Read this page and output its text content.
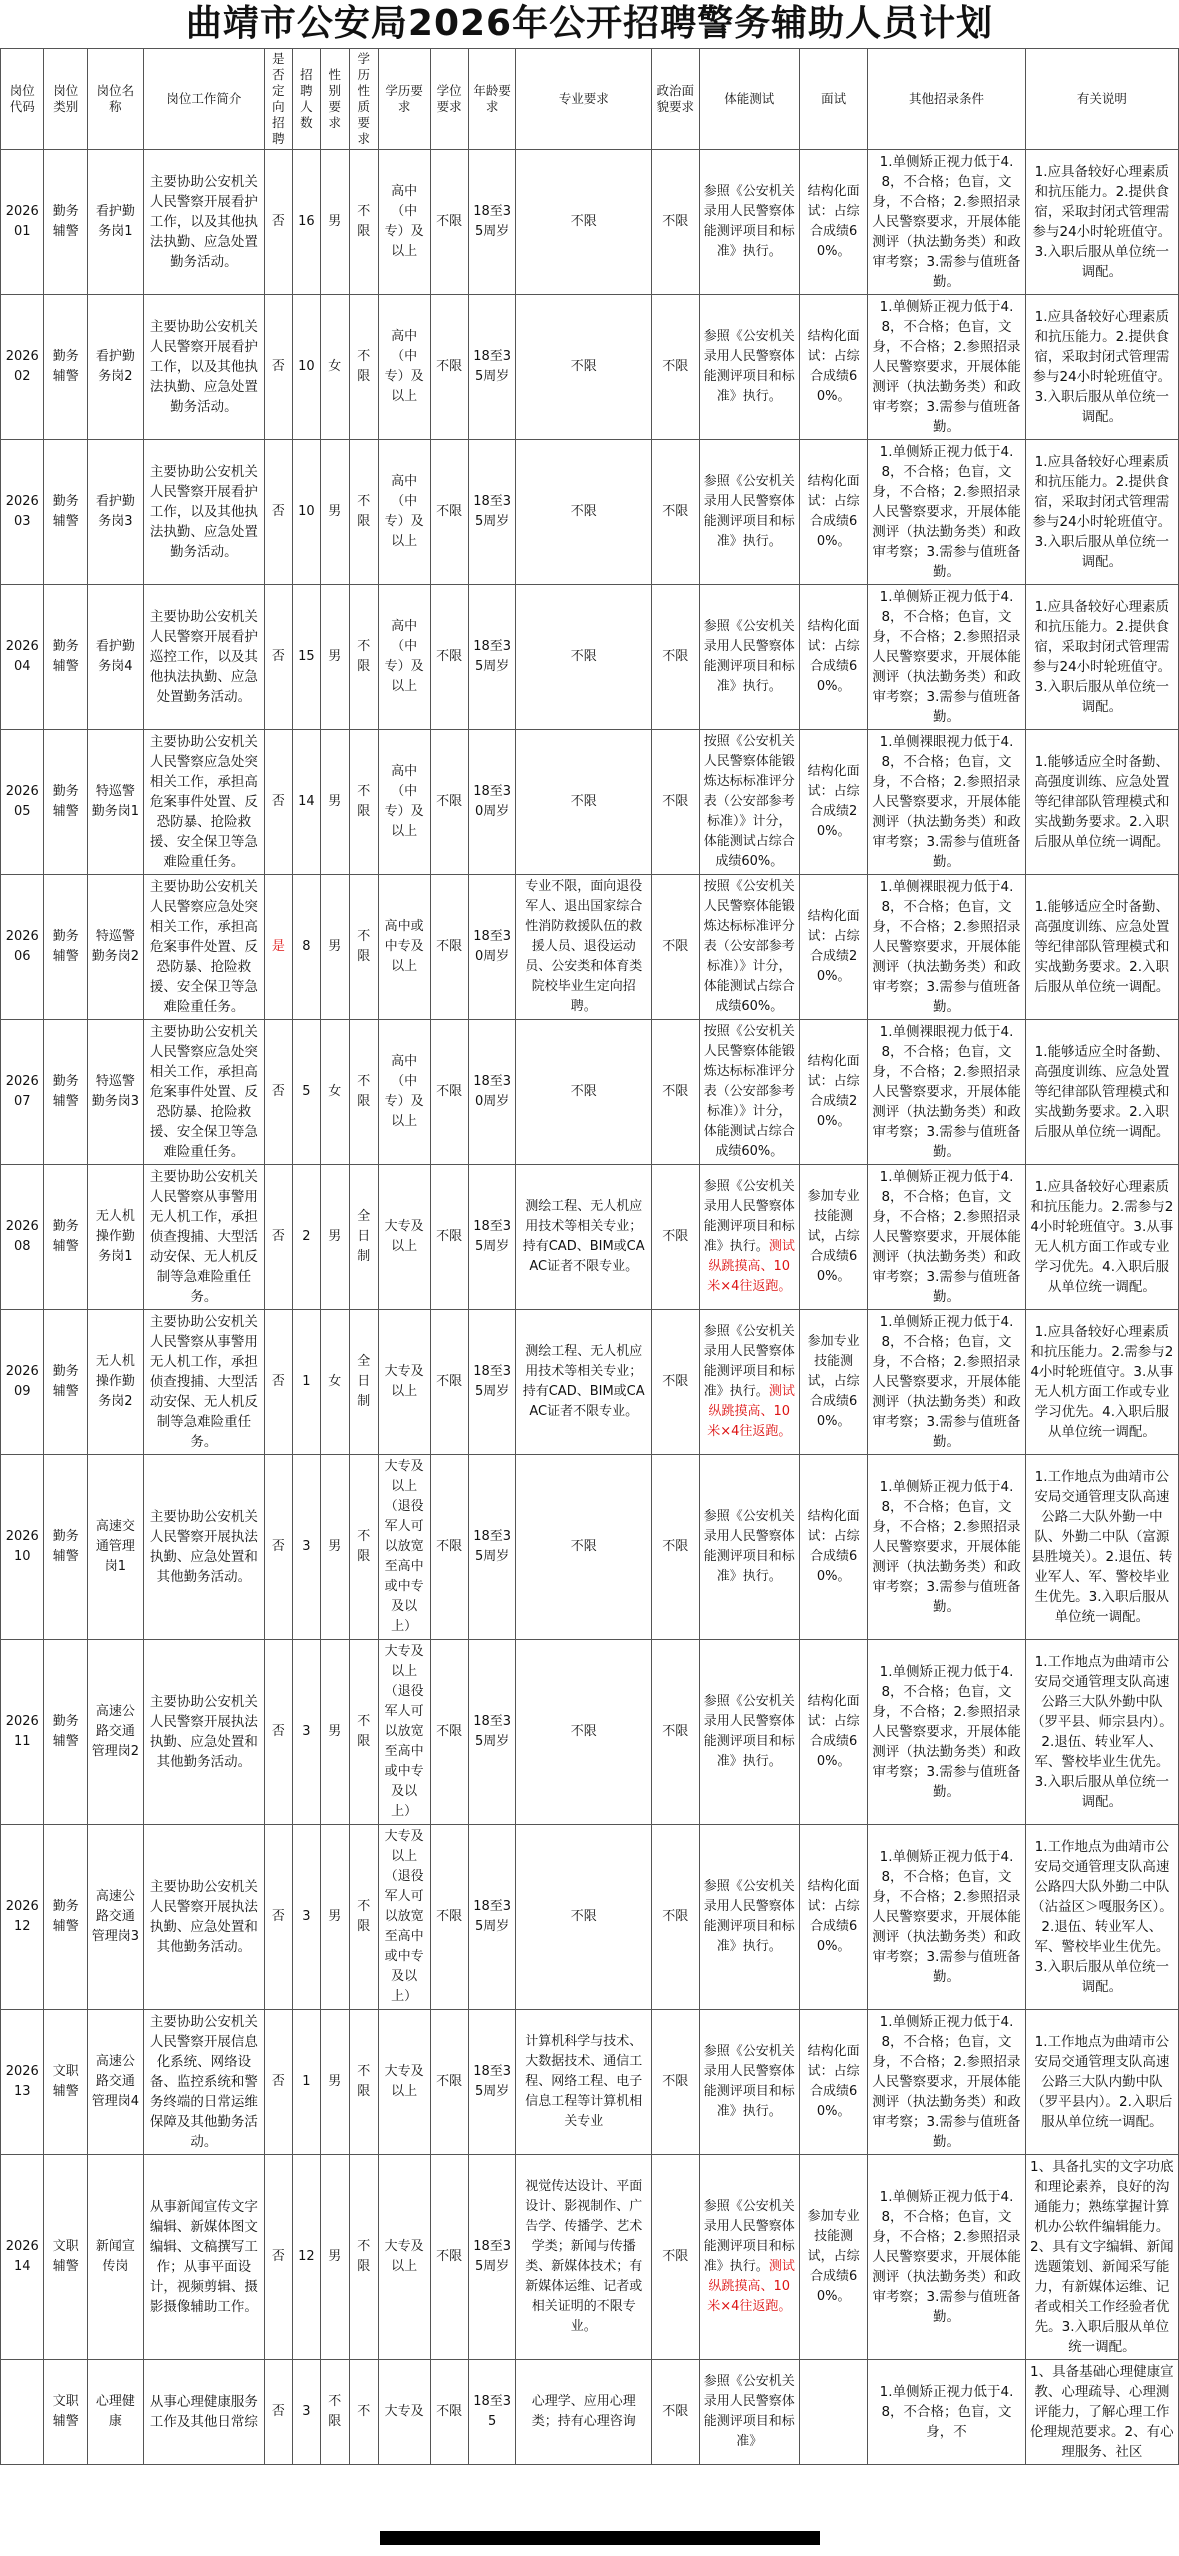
曲靖市公安局2026年公开招聘警务辅助人员计划
岗位代码	岗位类别	岗位名称	岗位工作简介	是否定向招聘	招聘人数	性别要求	学历性质要求	学历要求	学位要求	年龄要求	专业要求	政治面貌要求	体能测试	面试	其他招录条件	有关说明
202601	勤务辅警	看护勤务岗1	主要协助公安机关人民警察开展看护工作，以及其他执法执勤、应急处置勤务活动。	否	16	男	不限	高中（中专）及以上	不限	18至35周岁	不限	不限	参照《公安机关录用人民警察体能测评项目和标准》执行。	结构化面试：占综合成绩60%。	1.单侧矫正视力低于4.8，不合格；色盲，文身，不合格；2.参照招录人民警察要求，开展体能测评（执法勤务类）和政审考察；3.需参与值班备勤。	1.应具备较好心理素质和抗压能力。2.提供食宿，采取封闭式管理需参与24小时轮班值守。3.入职后服从单位统一调配。
202602	勤务辅警	看护勤务岗2	主要协助公安机关人民警察开展看护工作，以及其他执法执勤、应急处置勤务活动。	否	10	女	不限	高中（中专）及以上	不限	18至35周岁	不限	不限	参照《公安机关录用人民警察体能测评项目和标准》执行。	结构化面试：占综合成绩60%。	1.单侧矫正视力低于4.8，不合格；色盲，文身，不合格；2.参照招录人民警察要求，开展体能测评（执法勤务类）和政审考察；3.需参与值班备勤。	1.应具备较好心理素质和抗压能力。2.提供食宿，采取封闭式管理需参与24小时轮班值守。3.入职后服从单位统一调配。
202603	勤务辅警	看护勤务岗3	主要协助公安机关人民警察开展看护工作，以及其他执法执勤、应急处置勤务活动。	否	10	男	不限	高中（中专）及以上	不限	18至35周岁	不限	不限	参照《公安机关录用人民警察体能测评项目和标准》执行。	结构化面试：占综合成绩60%。	1.单侧矫正视力低于4.8，不合格；色盲，文身，不合格；2.参照招录人民警察要求，开展体能测评（执法勤务类）和政审考察；3.需参与值班备勤。	1.应具备较好心理素质和抗压能力。2.提供食宿，采取封闭式管理需参与24小时轮班值守。3.入职后服从单位统一调配。
202604	勤务辅警	看护勤务岗4	主要协助公安机关人民警察开展看护巡控工作，以及其他执法执勤、应急处置勤务活动。	否	15	男	不限	高中（中专）及以上	不限	18至35周岁	不限	不限	参照《公安机关录用人民警察体能测评项目和标准》执行。	结构化面试：占综合成绩60%。	1.单侧矫正视力低于4.8，不合格；色盲，文身，不合格；2.参照招录人民警察要求，开展体能测评（执法勤务类）和政审考察；3.需参与值班备勤。	1.应具备较好心理素质和抗压能力。2.提供食宿，采取封闭式管理需参与24小时轮班值守。3.入职后服从单位统一调配。
202605	勤务辅警	特巡警勤务岗1	主要协助公安机关人民警察应急处突相关工作，承担高危案事件处置、反恐防暴、抢险救援、安全保卫等急难险重任务。	否	14	男	不限	高中（中专）及以上	不限	18至30周岁	不限	不限	按照《公安机关人民警察体能锻炼达标标准评分表（公安部参考标准）》计分，体能测试占综合成绩60%。	结构化面试：占综合成绩20%。	1.单侧裸眼视力低于4.8，不合格；色盲，文身，不合格；2.参照招录人民警察要求，开展体能测评（执法勤务类）和政审考察；3.需参与值班备勤。	1.能够适应全时备勤、高强度训练、应急处置等纪律部队管理模式和实战勤务要求。2.入职后服从单位统一调配。
202606	勤务辅警	特巡警勤务岗2	主要协助公安机关人民警察应急处突相关工作，承担高危案事件处置、反恐防暴、抢险救援、安全保卫等急难险重任务。	是	8	男	不限	高中或中专及以上	不限	18至30周岁	专业不限，面向退役军人、退出国家综合性消防救援队伍的救援人员、退役运动员、公安类和体育类院校毕业生定向招聘。	不限	按照《公安机关人民警察体能锻炼达标标准评分表（公安部参考标准）》计分，体能测试占综合成绩60%。	结构化面试：占综合成绩20%。	1.单侧裸眼视力低于4.8，不合格；色盲，文身，不合格；2.参照招录人民警察要求，开展体能测评（执法勤务类）和政审考察；3.需参与值班备勤。	1.能够适应全时备勤、高强度训练、应急处置等纪律部队管理模式和实战勤务要求。2.入职后服从单位统一调配。
202607	勤务辅警	特巡警勤务岗3	主要协助公安机关人民警察应急处突相关工作，承担高危案事件处置、反恐防暴、抢险救援、安全保卫等急难险重任务。	否	5	女	不限	高中（中专）及以上	不限	18至30周岁	不限	不限	按照《公安机关人民警察体能锻炼达标标准评分表（公安部参考标准）》计分，体能测试占综合成绩60%。	结构化面试：占综合成绩20%。	1.单侧裸眼视力低于4.8，不合格；色盲，文身，不合格；2.参照招录人民警察要求，开展体能测评（执法勤务类）和政审考察；3.需参与值班备勤。	1.能够适应全时备勤、高强度训练、应急处置等纪律部队管理模式和实战勤务要求。2.入职后服从单位统一调配。
202608	勤务辅警	无人机操作勤务岗1	主要协助公安机关人民警察从事警用无人机工作，承担侦查搜捕、大型活动安保、无人机反制等急难险重任务。	否	2	男	全日制	大专及以上	不限	18至35周岁	测绘工程、无人机应用技术等相关专业；持有CAD、BIM或CAAC证者不限专业。	不限	参照《公安机关录用人民警察体能测评项目和标准》执行。测试纵跳摸高、10米×4往返跑。	参加专业技能测试，占综合成绩60%。	1.单侧矫正视力低于4.8，不合格；色盲，文身，不合格；2.参照招录人民警察要求，开展体能测评（执法勤务类）和政审考察；3.需参与值班备勤。	1.应具备较好心理素质和抗压能力。2.需参与24小时轮班值守。3.从事无人机方面工作或专业学习优先。4.入职后服从单位统一调配。
202609	勤务辅警	无人机操作勤务岗2	主要协助公安机关人民警察从事警用无人机工作，承担侦查搜捕、大型活动安保、无人机反制等急难险重任务。	否	1	女	全日制	大专及以上	不限	18至35周岁	测绘工程、无人机应用技术等相关专业；持有CAD、BIM或CAAC证者不限专业。	不限	参照《公安机关录用人民警察体能测评项目和标准》执行。测试纵跳摸高、10米×4往返跑。	参加专业技能测试，占综合成绩60%。	1.单侧矫正视力低于4.8，不合格；色盲，文身，不合格；2.参照招录人民警察要求，开展体能测评（执法勤务类）和政审考察；3.需参与值班备勤。	1.应具备较好心理素质和抗压能力。2.需参与24小时轮班值守。3.从事无人机方面工作或专业学习优先。4.入职后服从单位统一调配。
202610	勤务辅警	高速交通管理岗1	主要协助公安机关人民警察开展执法执勤、应急处置和其他勤务活动。	否	3	男	不限	大专及以上（退役军人可以放宽至高中或中专及以上）	不限	18至35周岁	不限	不限	参照《公安机关录用人民警察体能测评项目和标准》执行。	结构化面试：占综合成绩60%。	1.单侧矫正视力低于4.8，不合格；色盲，文身，不合格；2.参照招录人民警察要求，开展体能测评（执法勤务类）和政审考察；3.需参与值班备勤。	1.工作地点为曲靖市公安局交通管理支队高速公路二大队外勤一中队、外勤二中队（富源县胜境关）。2.退伍、转业军人、军、警校毕业生优先。3.入职后服从单位统一调配。
202611	勤务辅警	高速公路交通管理岗2	主要协助公安机关人民警察开展执法执勤、应急处置和其他勤务活动。	否	3	男	不限	大专及以上（退役军人可以放宽至高中或中专及以上）	不限	18至35周岁	不限	不限	参照《公安机关录用人民警察体能测评项目和标准》执行。	结构化面试：占综合成绩60%。	1.单侧矫正视力低于4.8，不合格；色盲，文身，不合格；2.参照招录人民警察要求，开展体能测评（执法勤务类）和政审考察；3.需参与值班备勤。	1.工作地点为曲靖市公安局交通管理支队高速公路三大队外勤中队（罗平县、师宗县内）。2.退伍、转业军人、军、警校毕业生优先。3.入职后服从单位统一调配。
202612	勤务辅警	高速公路交通管理岗3	主要协助公安机关人民警察开展执法执勤、应急处置和其他勤务活动。	否	3	男	不限	大专及以上（退役军人可以放宽至高中或中专及以上）	不限	18至35周岁	不限	不限	参照《公安机关录用人民警察体能测评项目和标准》执行。	结构化面试：占综合成绩60%。	1.单侧矫正视力低于4.8，不合格；色盲，文身，不合格；2.参照招录人民警察要求，开展体能测评（执法勤务类）和政审考察；3.需参与值班备勤。	1.工作地点为曲靖市公安局交通管理支队高速公路四大队外勤二中队（沾益区＞嘎服务区）。2.退伍、转业军人、军、警校毕业生优先。3.入职后服从单位统一调配。
202613	文职辅警	高速公路交通管理岗4	主要协助公安机关人民警察开展信息化系统、网络设备、监控系统和警务终端的日常运维保障及其他勤务活动。	否	1	男	不限	大专及以上	不限	18至35周岁	计算机科学与技术、大数据技术、通信工程、网络工程、电子信息工程等计算机相关专业	不限	参照《公安机关录用人民警察体能测评项目和标准》执行。	结构化面试：占综合成绩60%。	1.单侧矫正视力低于4.8，不合格；色盲，文身，不合格；2.参照招录人民警察要求，开展体能测评（执法勤务类）和政审考察；3.需参与值班备勤。	1.工作地点为曲靖市公安局交通管理支队高速公路三大队内勤中队（罗平县内）。2.入职后服从单位统一调配。
202614	文职辅警	新闻宣传岗	从事新闻宣传文字编辑、新媒体图文编辑、文稿撰写工作；从事平面设计，视频剪辑、摄影摄像辅助工作。	否	12	男	不限	大专及以上	不限	18至35周岁	视觉传达设计、平面设计、影视制作、广告学、传播学、艺术学类；新闻与传播类、新媒体技术；有新媒体运维、记者或相关证明的不限专业。	不限	参照《公安机关录用人民警察体能测评项目和标准》执行。测试纵跳摸高、10米×4往返跑。	参加专业技能测试，占综合成绩60%。	1.单侧矫正视力低于4.8，不合格；色盲，文身，不合格；2.参照招录人民警察要求，开展体能测评（执法勤务类）和政审考察；3.需参与值班备勤。	1、具备扎实的文字功底和理论素养，良好的沟通能力；熟练掌握计算机办公软件编辑能力。2、具有文字编辑、新闻选题策划、新闻采写能力，有新媒体运维、记者或相关工作经验者优先。3.入职后服从单位统一调配。
	文职辅警	心理健康	从事心理健康服务工作及其他日常综	否	3	不限	不	大专及	不限	18至35	心理学、应用心理类；持有心理咨询	不限	参照《公安机关录用人民警察体能测评项目和标准》		1.单侧矫正视力低于4.8，不合格；色盲，文身，不	1、具备基础心理健康宣教、心理疏导、心理测评能力，了解心理工作伦理规范要求。2、有心理服务、社区
